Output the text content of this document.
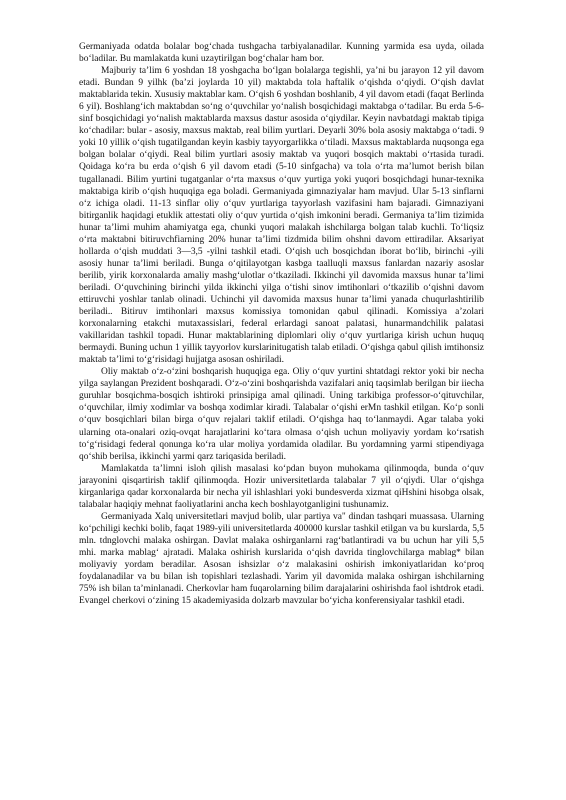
Germaniyada odatda bolalar bog‘chada tushgacha tarbiyalanadilar. Kunning yarmida esa uyda, oilada bo‘ladilar. Bu mamlakatda kuni uzaytirilgan bog‘chalar ham bor.

Majburiy ta’lim 6 yoshdan 18 yoshgacha bo‘lgan bolalarga tegishli, ya’ni bu jarayon 12 yil davom etadi. Bundan 9 yilhk (ba’zi joylarda 10 yil) maktabda tola haftalik o‘qishda o‘qiydi. O‘qish davlat maktablarida tekin. Xususiy maktablar kam. O‘qish 6 yoshdan boshlanib, 4 yil davom etadi (faqat Berlinda 6 yil). Boshlang‘ich maktabdan so‘ng o‘quvchilar yo‘nalish bosqichidagi maktabga o‘tadilar. Bu erda 5-6- sinf bosqichidagi yo‘nalish maktablarda maxsus dastur asosida o‘qiydilar. Keyin navbatdagi maktab tipiga ko‘chadilar: bular - asosiy, maxsus maktab, real bilim yurtlari. Deyarli 30% bola asosiy maktabga o‘tadi. 9 yoki 10 yillik o‘qish tugatilgandan keyin kasbiy tayyorgarlikka o‘tiladi. Maxsus maktablarda nuqsonga ega bolgan bolalar o‘qiydi. Real bilim yurtlari asosiy maktab va yuqori bosqich maktabi o‘rtasida turadi. Qoidaga ko‘ra bu erda o‘qish 6 yil davom etadi (5-10 sinfgacha) va tola o‘rta ma’lumot berish bilan tugallanadi. Bilim yurtini tugatganlar o‘rta maxsus o‘quv yurtiga yoki yuqori bosqichdagi hunar-texnika maktabiga kirib o‘qish huquqiga ega boladi. Germaniyada gimnaziyalar ham mavjud. Ular 5-13 sinflarni o‘z ichiga oladi. 11-13 sinflar oliy o‘quv yurtlariga tayyorlash vazifasini ham bajaradi. Gimnaziyani bitirganlik haqidagi etuklik attestati oliy o‘quv yurtida o‘qish imkonini beradi. Germaniya ta’lim tizimida hunar ta’limi muhim ahamiyatga ega, chunki yuqori malakah ishchilarga bolgan talab kuchli. To‘liqsiz o‘rta maktabni bitiruvchfiarning 20% hunar ta’limi tizdmida bilim ohshni davom ettiradilar. Aksariyat hollarda o‘qish muddati 3—3,5 -yilni tashkil etadi. O‘qish uch bosqichdan iborat bo‘lib, birinchi -yili asosiy hunar ta’limi beriladi. Bunga o‘qitilayotgan kasbga taalluqli maxsus fanlardan nazariy asoslar berilib, yirik korxonalarda amaliy mashg‘ulotlar o‘tkaziladi. Ikkinchi yil davomida maxsus hunar ta’limi beriladi. O‘quvchining birinchi yilda ikkinchi yilga o‘tishi sinov imtihonlari o‘tkazilib o‘qishni davom ettiruvchi yoshlar tanlab olinadi. Uchinchi yil davomida maxsus hunar ta’limi yanada chuqurlashtirilib beriladi.. Bitiruv imtihonlari maxsus komissiya tomonidan qabul qilinadi. Komissiya a’zolari korxonalarning etakchi mutaxassislari, federal erlardagi sanoat palatasi, hunarmandchilik palatasi vakillaridan tashkil topadi. Hunar maktablarining diplomlari oliy o‘quv yurtlariga kirish uchun huquq bermaydi. Buning uchun 1 yillik tayyorlov kurslarinitugatish talab etiladi. O‘qishga qabul qilish imtihonsiz maktab ta’limi to‘g‘risidagi hujjatga asosan oshiriladi.

Oliy maktab o‘z-o‘zini boshqarish huquqiga ega. Oliy o‘quv yurtini shtatdagi rektor yoki bir necha yilga saylangan Prezident boshqaradi. O‘z-o‘zini boshqarishda vazifalari aniq taqsimlab berilgan bir iiecha guruhlar bosqichma-bosqich ishtiroki prinsipiga amal qilinadi. Uning tarkibiga professor-o‘qituvchilar, o‘quvchilar, ilmiy xodimlar va boshqa xodimlar kiradi. Talabalar o‘qishi erMn tashkil etilgan. Ko‘p sonli o‘quv bosqichlari bilan birga o‘quv rejalari taklif etiladi. O‘qishga haq to‘lanmaydi. Agar talaba yoki ularning ota-onalari oziq-ovqat harajatlarini ko‘tara olmasa o‘qish uchun moliyaviy yordam ko‘rsatish to‘g‘risidagi federal qonunga ko‘ra ular moliya yordamida oladilar. Bu yordamning yarmi stipendiyaga qo‘shib berilsa, ikkinchi yarmi qarz tariqasida beriladi.

Mamlakatda ta’limni isloh qilish masalasi ko‘pdan buyon muhokama qilinmoqda, bunda o‘quv jarayonini qisqartirish taklif qilinmoqda. Hozir universitetlarda talabalar 7 yil o‘qiydi. Ular o‘qishga kirganlariga qadar korxonalarda bir necha yil ishlashlari yoki bundesverda xizmat qiHshini hisobga olsak, talabalar haqiqiy mehnat faoliyatlarini ancha kech boshlayotganligini tushunamiz.

Germaniyada Xalq universitetlari mavjud bolib, ular partiya va" dindan tashqari muassasa. Ularning ko‘pchiligi kechki bolib, faqat 1989-yili universitetlarda 400000 kurslar tashkil etilgan va bu kurslarda, 5,5 mln. tdnglovchi malaka oshirgan. Davlat malaka oshirganlarni rag‘batlantiradi va bu uchun har yili 5,5 mhi. marka mablag‘ ajratadi. Malaka oshirish kurslarida o‘qish davrida tinglovchilarga mablag* bilan moliyaviy yordam beradilar. Asosan ishsizlar o‘z malakasini oshirish imkoniyatlaridan ko‘proq foydalanadilar va bu bilan ish topishlari tezlashadi. Yarim yil davomida malaka oshirgan ishchilarning 75% ish bilan ta’minlanadi. Cherkovlar ham fuqarolarning bilim darajalarini oshirishda faol ishtdrok etadi. Evangel cherkovi o‘zining 15 akademiyasida dolzarb mavzular bo‘yicha konferensiyalar tashkil etadi.
